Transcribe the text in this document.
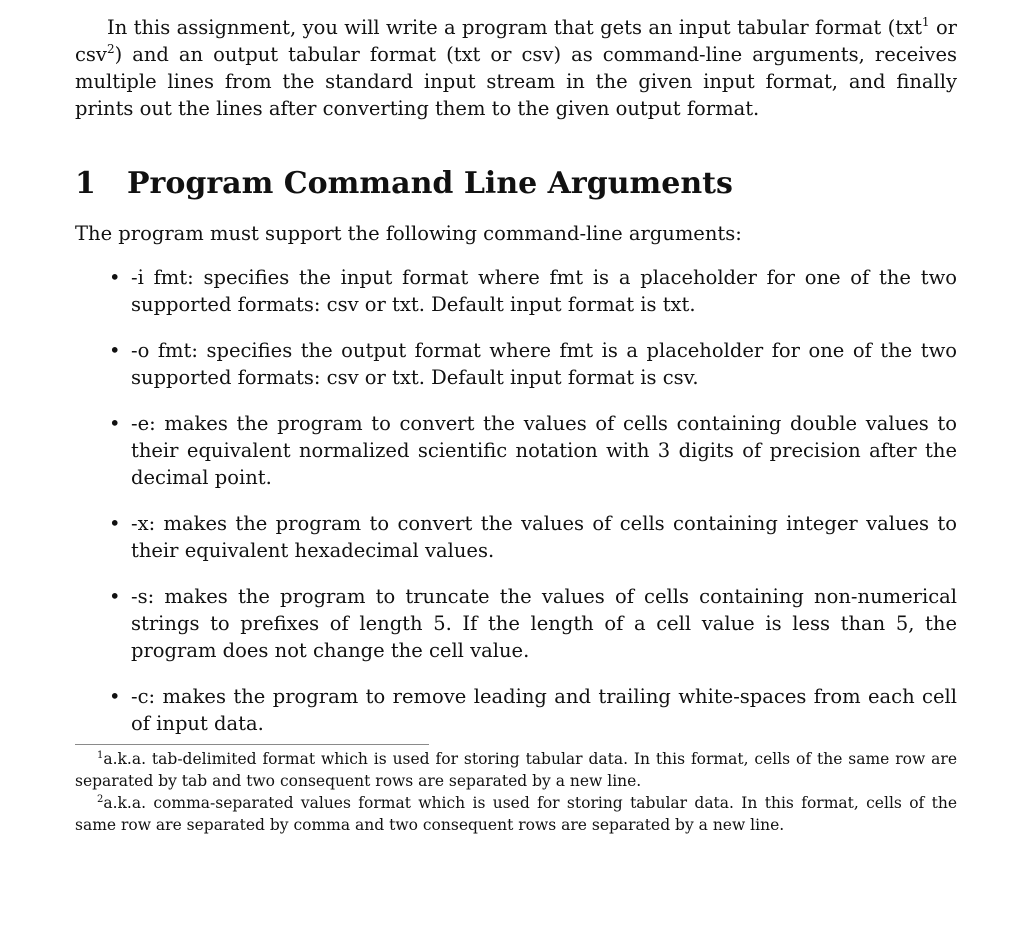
In this assignment, you will write a program that gets an input tabular format (txt$^1$ or csv$^2$) and an output tabular format (txt or csv) as command-line arguments, receives multiple lines from the standard input stream in the given input format, and finally prints out the lines after converting them to the given output format.

1 Program Command Line Arguments

The program must support the following command-line arguments:

• -i fmt: specifies the input format where fmt is a placeholder for one of the two supported formats: csv or txt. Default input format is txt.

• -o fmt: specifies the output format where fmt is a placeholder for one of the two supported formats: csv or txt. Default input format is csv.

• -e: makes the program to convert the values of cells containing double values to their equivalent normalized scientific notation with 3 digits of precision after the decimal point.

• -x: makes the program to convert the values of cells containing integer values to their equivalent hexadecimal values.

• -s: makes the program to truncate the values of cells containing non-numerical strings to prefixes of length 5. If the length of a cell value is less than 5, the program does not change the cell value.

• -c: makes the program to remove leading and trailing white-spaces from each cell of input data.

$^1$a.k.a. tab-delimited format which is used for storing tabular data. In this format, cells of the same row are separated by tab and two consequent rows are separated by a new line.

$^2$a.k.a. comma-separated values format which is used for storing tabular data. In this format, cells of the same row are separated by comma and two consequent rows are separated by a new line.
